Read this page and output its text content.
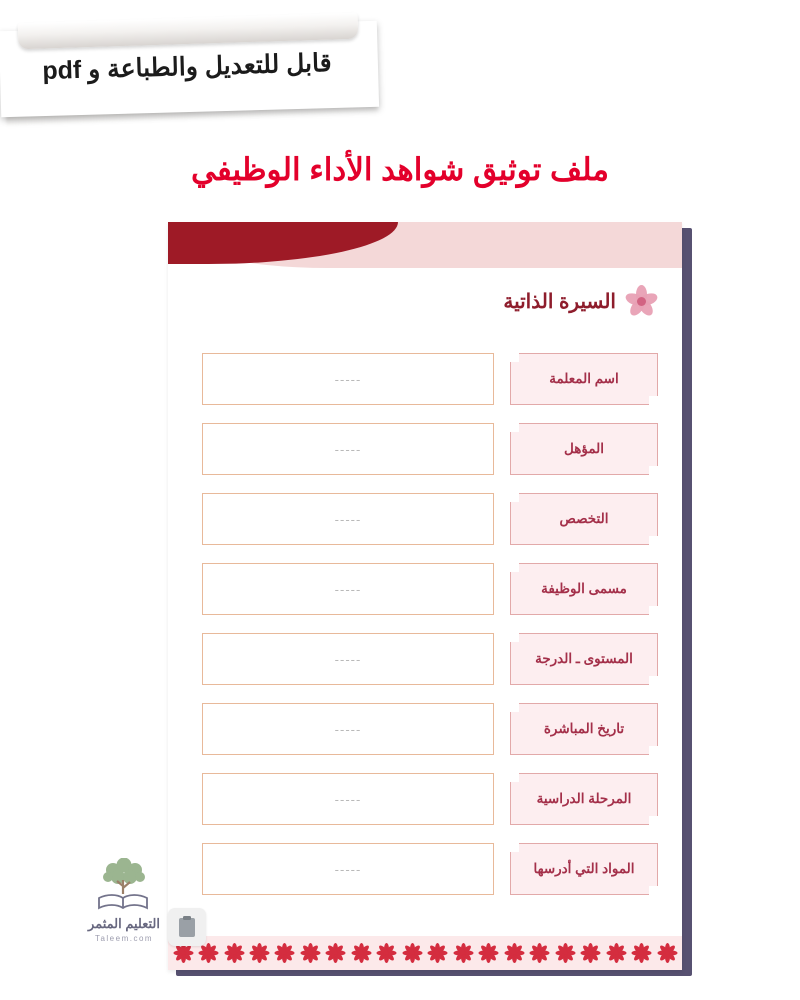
قابل للتعديل والطباعة و pdf
ملف توثيق شواهد الأداء الوظيفي
السيرة الذاتية
اسم المعلمة
-----
المؤهل
-----
التخصص
-----
مسمى الوظيفة
-----
المستوى ـ الدرجة
-----
تاريخ المباشرة
-----
المرحلة الدراسية
-----
المواد التي أدرسها
-----
التعليم المثمر
Taleem.com
